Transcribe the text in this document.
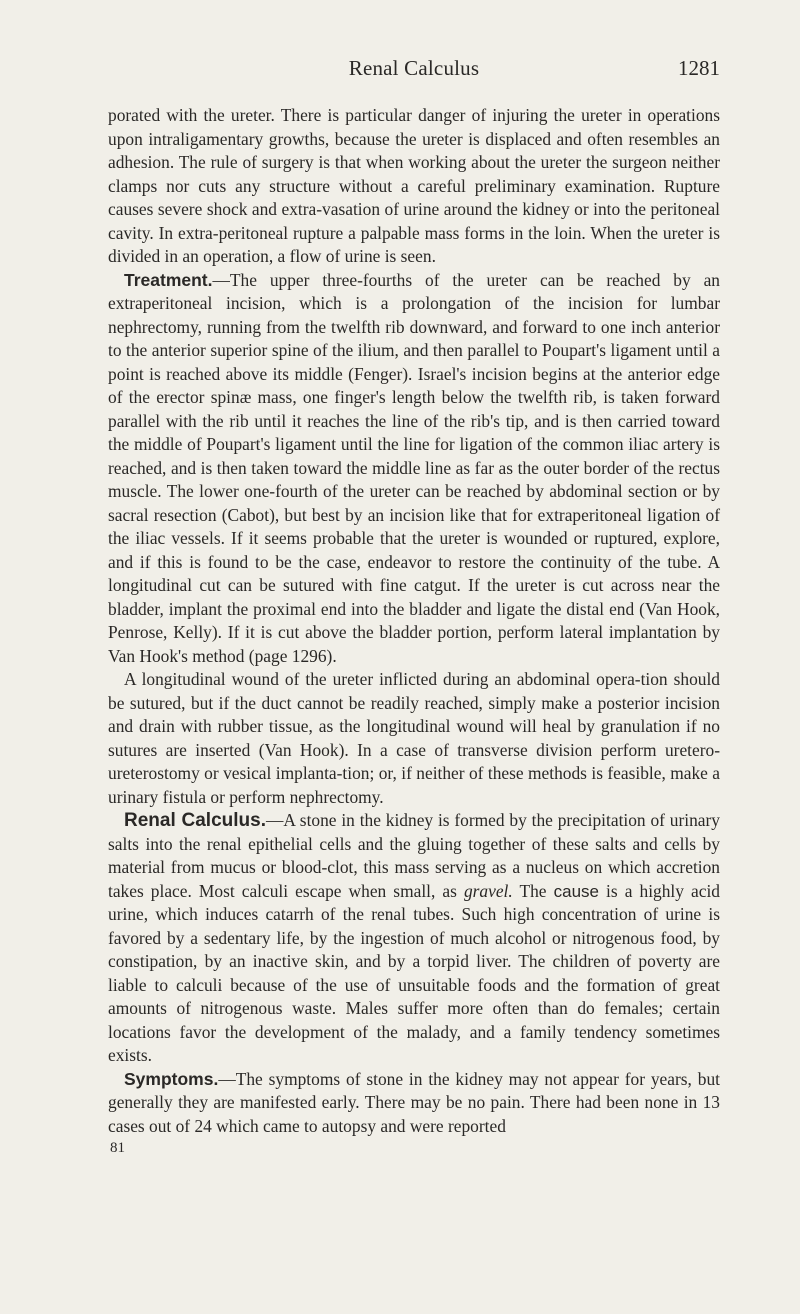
Renal Calculus	1281

porated with the ureter. There is particular danger of injuring the ureter in operations upon intraligamentary growths, because the ureter is displaced and often resembles an adhesion. The rule of surgery is that when working about the ureter the surgeon neither clamps nor cuts any structure without a careful preliminary examination. Rupture causes severe shock and extra-vasation of urine around the kidney or into the peritoneal cavity. In extra-peritoneal rupture a palpable mass forms in the loin. When the ureter is divided in an operation, a flow of urine is seen.

Treatment.—The upper three-fourths of the ureter can be reached by an extraperitoneal incision, which is a prolongation of the incision for lumbar nephrectomy, running from the twelfth rib downward, and forward to one inch anterior to the anterior superior spine of the ilium, and then parallel to Poupart's ligament until a point is reached above its middle (Fenger). Israel's incision begins at the anterior edge of the erector spinæ mass, one finger's length below the twelfth rib, is taken forward parallel with the rib until it reaches the line of the rib's tip, and is then carried toward the middle of Poupart's ligament until the line for ligation of the common iliac artery is reached, and is then taken toward the middle line as far as the outer border of the rectus muscle. The lower one-fourth of the ureter can be reached by abdominal section or by sacral resection (Cabot), but best by an incision like that for extraperitoneal ligation of the iliac vessels. If it seems probable that the ureter is wounded or ruptured, explore, and if this is found to be the case, endeavor to restore the continuity of the tube. A longitudinal cut can be sutured with fine catgut. If the ureter is cut across near the bladder, implant the proximal end into the bladder and ligate the distal end (Van Hook, Penrose, Kelly). If it is cut above the bladder portion, perform lateral implantation by Van Hook's method (page 1296).

A longitudinal wound of the ureter inflicted during an abdominal opera-tion should be sutured, but if the duct cannot be readily reached, simply make a posterior incision and drain with rubber tissue, as the longitudinal wound will heal by granulation if no sutures are inserted (Van Hook). In a case of transverse division perform uretero-ureterostomy or vesical implanta-tion; or, if neither of these methods is feasible, make a urinary fistula or perform nephrectomy.

Renal Calculus.—A stone in the kidney is formed by the precipitation of urinary salts into the renal epithelial cells and the gluing together of these salts and cells by material from mucus or blood-clot, this mass serving as a nucleus on which accretion takes place. Most calculi escape when small, as gravel. The cause is a highly acid urine, which induces catarrh of the renal tubes. Such high concentration of urine is favored by a sedentary life, by the ingestion of much alcohol or nitrogenous food, by constipation, by an inactive skin, and by a torpid liver. The children of poverty are liable to calculi because of the use of unsuitable foods and the formation of great amounts of nitrogenous waste. Males suffer more often than do females; certain locations favor the development of the malady, and a family tendency sometimes exists.

Symptoms.—The symptoms of stone in the kidney may not appear for years, but generally they are manifested early. There may be no pain. There had been none in 13 cases out of 24 which came to autopsy and were reported

81
